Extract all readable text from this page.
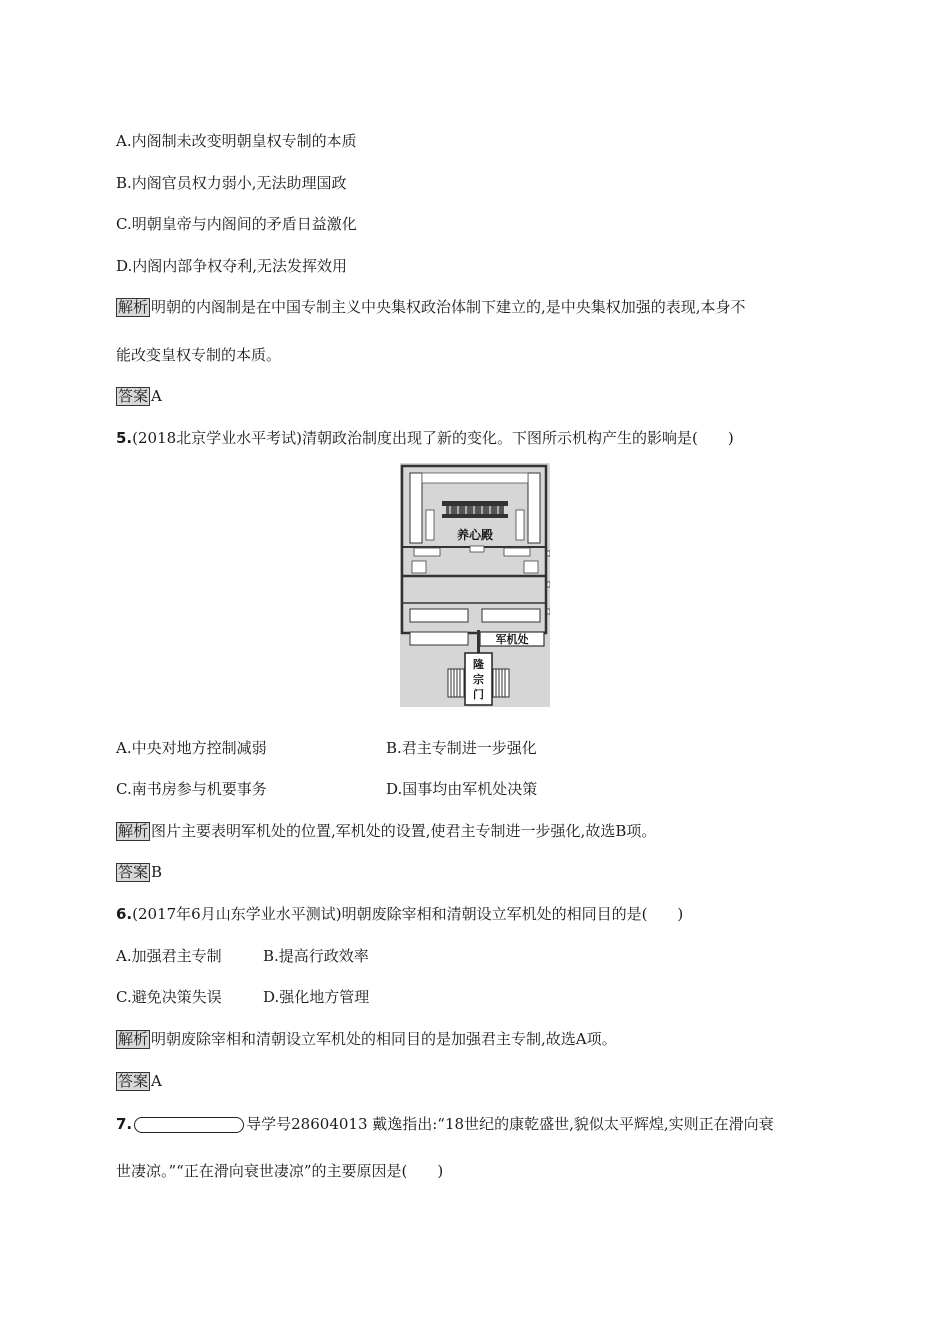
A.内阁制未改变明朝皇权专制的本质
B.内阁官员权力弱小,无法助理国政
C.明朝皇帝与内阁间的矛盾日益激化
D.内阁内部争权夺利,无法发挥效用
解析 明朝的内阁制是在中国专制主义中央集权政治体制下建立的,是中央集权加强的表现,本身不
能改变皇权专制的本质。
答案 A
5.(2018北京学业水平考试)清朝政治制度出现了新的变化。下图所示机构产生的影响是(　　)
养心殿
军机处
隆
宗
门
A.中央对地方控制减弱	B.君主专制进一步强化
C.南书房参与机要事务	D.国事均由军机处决策
解析 图片主要表明军机处的位置,军机处的设置,使君主专制进一步强化,故选B项。
答案 B
6.(2017年6月山东学业水平测试)明朝废除宰相和清朝设立军机处的相同目的是(　　)
A.加强君主专制	B.提高行政效率
C.避免决策失误	D.强化地方管理
解析 明朝废除宰相和清朝设立军机处的相同目的是加强君主专制,故选A项。
答案 A
7.	导学号28604013 戴逸指出:“18世纪的康乾盛世,貌似太平辉煌,实则正在滑向衰
世凄凉。”“正在滑向衰世凄凉”的主要原因是(　　)
